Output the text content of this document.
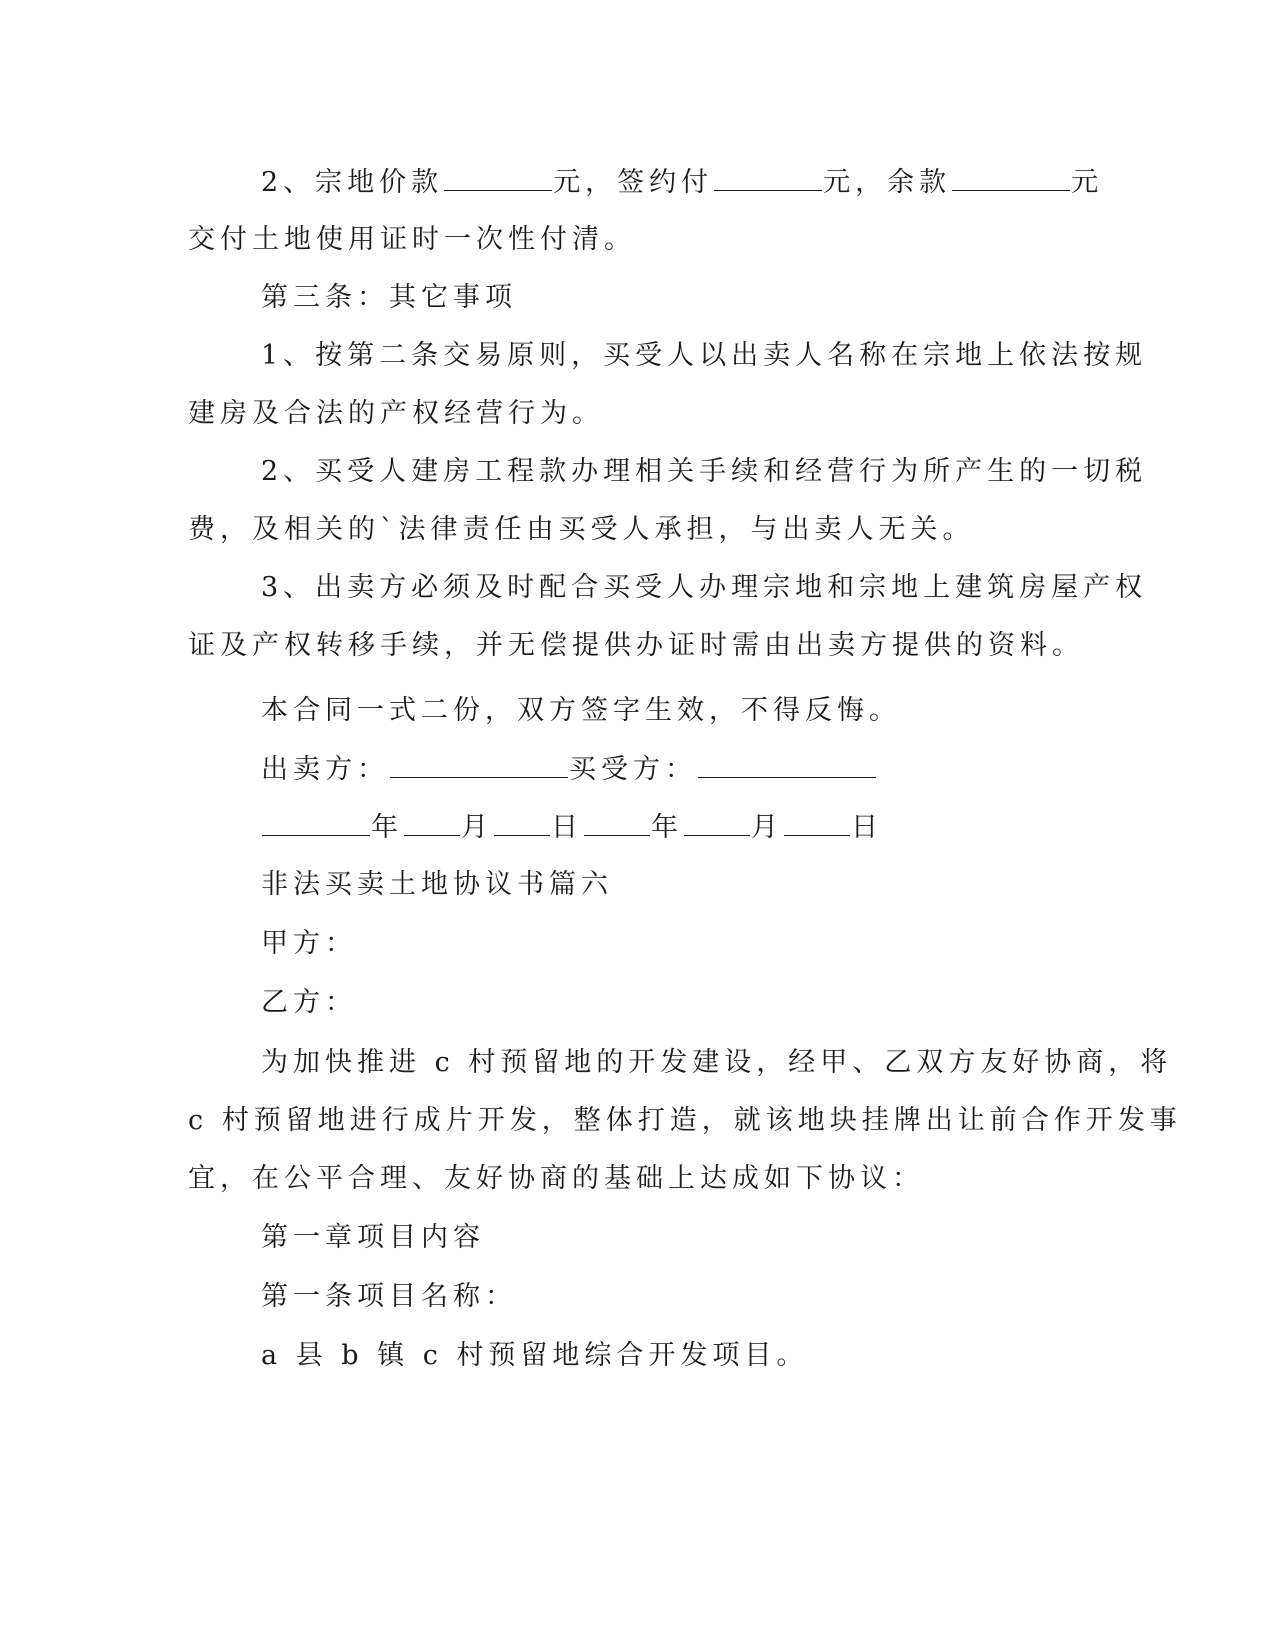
2、宗地价款	元，签约付	元，余款	元
交付土地使用证时一次性付清。
第三条：其它事项
1、按第二条交易原则，买受人以出卖人名称在宗地上依法按规
建房及合法的产权经营行为。
2、买受人建房工程款办理相关手续和经营行为所产生的一切税
费，及相关的`法律责任由买受人承担，与出卖人无关。
3、出卖方必须及时配合买受人办理宗地和宗地上建筑房屋产权
证及产权转移手续，并无偿提供办证时需由出卖方提供的资料。
本合同一式二份，双方签字生效，不得反悔。
出卖方：	买受方：
年 月 日	年	月	日
非法买卖土地协议书篇六
甲方：
乙方：
为加快推进 c 村预留地的开发建设，经甲、乙双方友好协商，将
c 村预留地进行成片开发，整体打造，就该地块挂牌出让前合作开发事
宜，在公平合理、友好协商的基础上达成如下协议：
第一章项目内容
第一条项目名称：
a 县 b 镇 c 村预留地综合开发项目。
